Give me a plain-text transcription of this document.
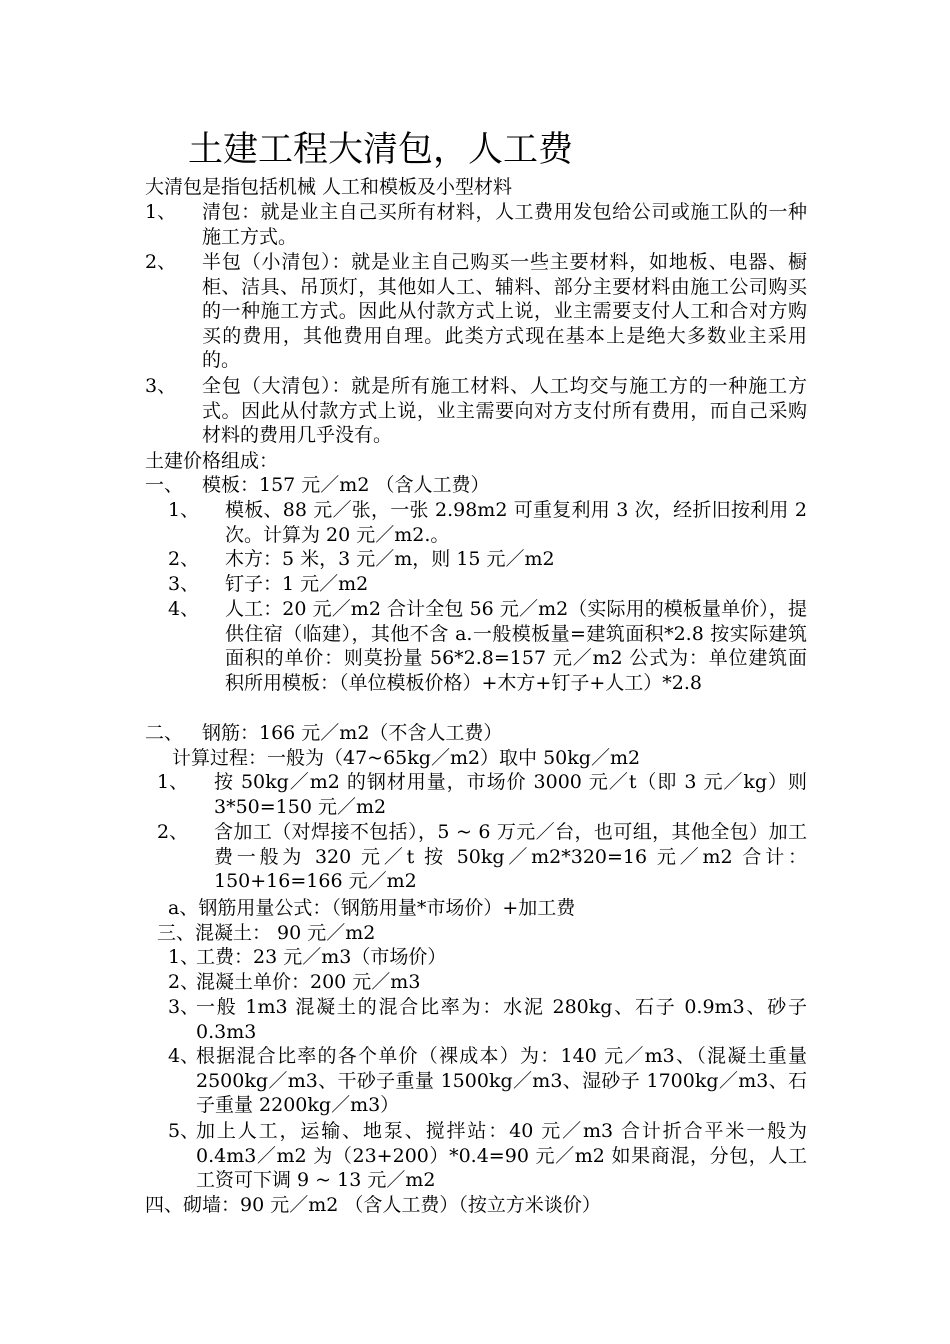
土建工程大清包，人工费
大清包是指包括机械 人工和模板及小型材料
1、 清包：就是业主自己买所有材料，人工费用发包给公司或施工队的一种施工方式。
2、 半包（小清包）：就是业主自己购买一些主要材料，如地板、电器、橱柜、洁具、吊顶灯，其他如人工、辅料、部分主要材料由施工公司购买的一种施工方式。因此从付款方式上说，业主需要支付人工和合对方购买的费用，其他费用自理。此类方式现在基本上是绝大多数业主采用的。
3、 全包（大清包）：就是所有施工材料、人工均交与施工方的一种施工方式。因此从付款方式上说，业主需要向对方支付所有费用，而自己采购材料的费用几乎没有。
土建价格组成：
一、 模板：157 元／m2 （含人工费）
1、 模板、88 元／张，一张 2.98m2 可重复利用 3 次，经折旧按利用 2 次。计算为 20 元／m2.。
2、 木方：5 米，3 元／m，则 15 元／m2
3、 钉子：1 元／m2
4、 人工：20 元／m2 合计全包 56 元／m2（实际用的模板量单价），提供住宿（临建），其他不含 a.一般模板量=建筑面积*2.8 按实际建筑面积的单价：则莫扮量 56*2.8=157 元／m2 公式为：单位建筑面积所用模板：（单位模板价格）+木方+钉子+人工）*2.8
二、 钢筋：166 元／m2（不含人工费）
计算过程：一般为（47~65kg／m2）取中 50kg／m2
1、 按 50kg／m2 的钢材用量，市场价 3000 元／t（即 3 元／kg）则 3*50=150 元／m2
2、 含加工（对焊接不包括），5 ~ 6 万元／台，也可组，其他全包）加工费一般为 320 元／t 按 50kg／m2*320=16 元／m2 合计：150+16=166 元／m2
a、钢筋用量公式：（钢筋用量*市场价）+加工费
三、混凝土： 90 元／m2
1、
工费：23 元／m3（市场价）
2、
混凝土单价：200 元／m3
3、
一般 1m3 混凝土的混合比率为：水泥 280kg、石子 0.9m3、砂子 0.3m3
4、
根据混合比率的各个单价（裸成本）为：140 元／m3、（混凝土重量 2500kg／m3、干砂子重量 1500kg／m3、湿砂子 1700kg／m3、石子重量 2200kg／m3）
5、
加上人工，运输、地泵、搅拌站：40 元／m3 合计折合平米一般为 0.4m3／m2 为（23+200）*0.4=90 元／m2 如果商混，分包，人工工资可下调 9 ~ 13 元／m2
四、砌墙：90 元／m2 （含人工费）（按立方米谈价）
